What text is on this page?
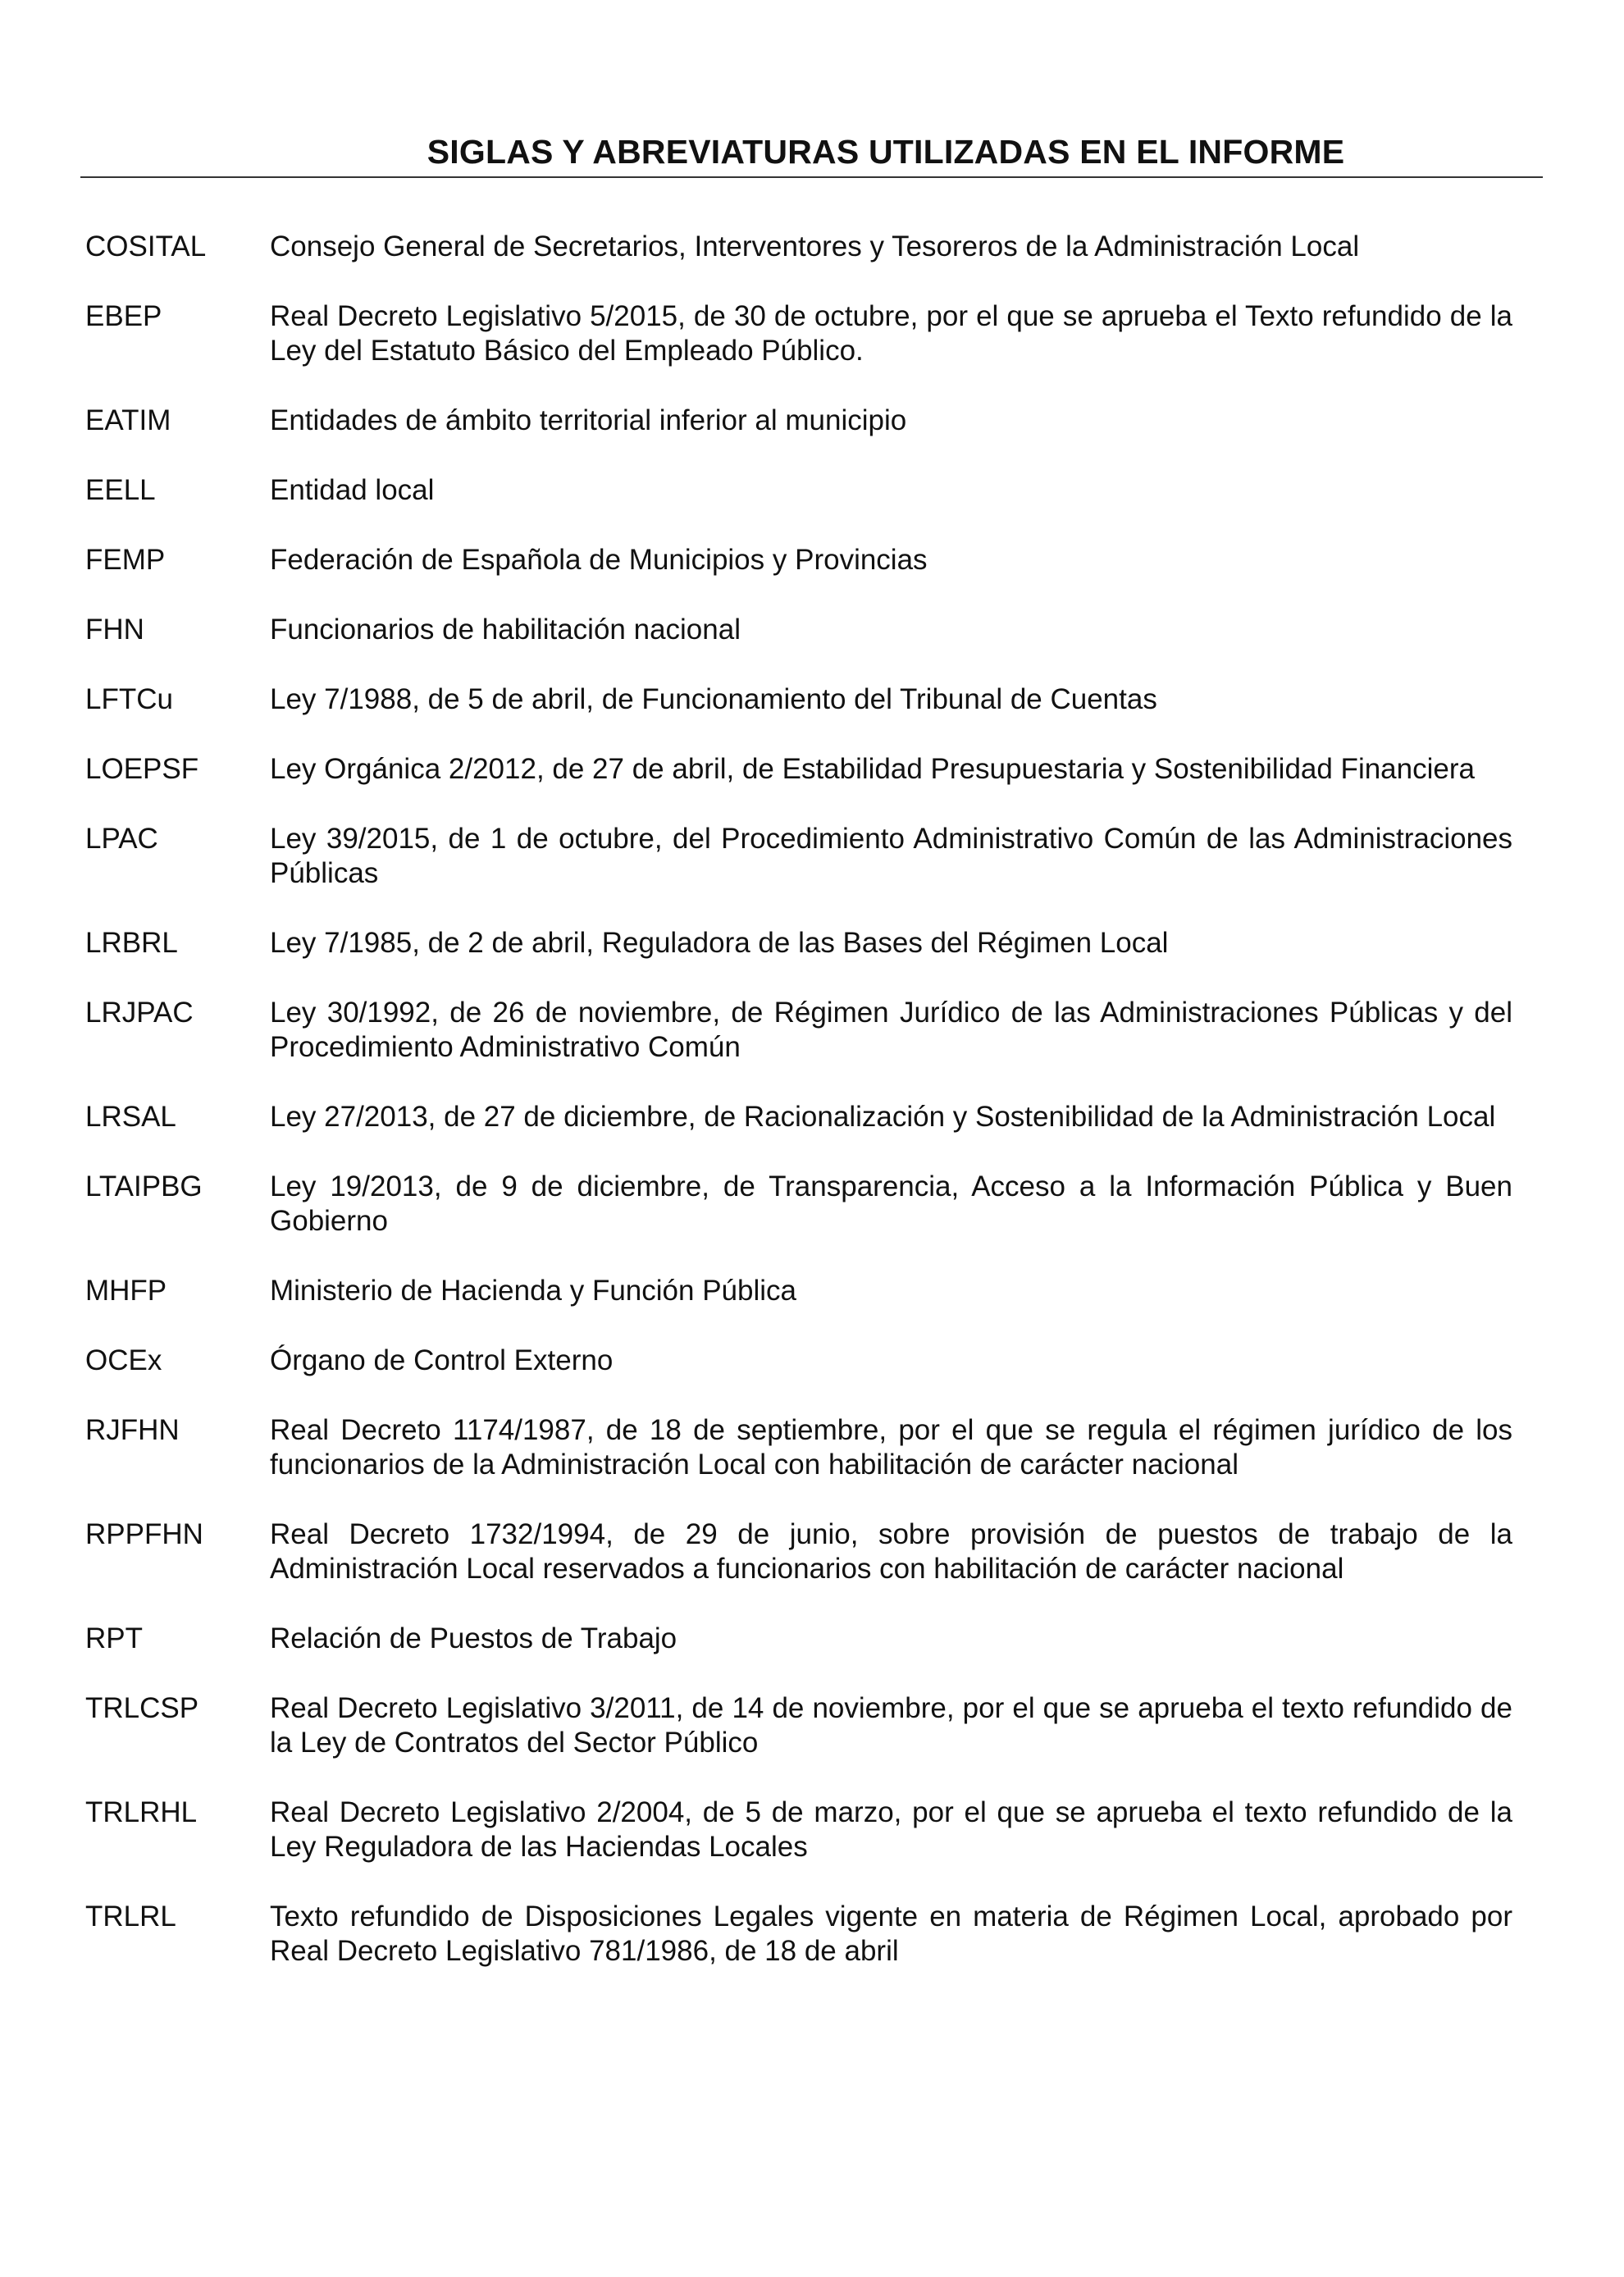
SIGLAS Y ABREVIATURAS UTILIZADAS EN EL INFORME
COSITAL	Consejo General de Secretarios, Interventores y Tesoreros de la Administración Local
EBEP	Real Decreto Legislativo 5/2015, de 30 de octubre, por el que se aprueba el Texto refundido de la Ley del Estatuto Básico del Empleado Público.
EATIM	Entidades de ámbito territorial inferior al municipio
EELL	Entidad local
FEMP	Federación de Española de Municipios y Provincias
FHN	Funcionarios de habilitación nacional
LFTCu	Ley 7/1988, de 5 de abril, de Funcionamiento del Tribunal de Cuentas
LOEPSF	Ley Orgánica 2/2012, de 27 de abril, de Estabilidad Presupuestaria y Sostenibilidad Financiera
LPAC	Ley 39/2015, de 1 de octubre, del Procedimiento Administrativo Común de las Administraciones Públicas
LRBRL	Ley 7/1985, de 2 de abril, Reguladora de las Bases del Régimen Local
LRJPAC	Ley 30/1992, de 26 de noviembre, de Régimen Jurídico de las Administraciones Públicas y del Procedimiento Administrativo Común
LRSAL	Ley 27/2013, de 27 de diciembre, de Racionalización y Sostenibilidad de la Administración Local
LTAIPBG	Ley 19/2013, de 9 de diciembre, de Transparencia, Acceso a la Información Pública y Buen Gobierno
MHFP	Ministerio de Hacienda y Función Pública
OCEx	Órgano de Control Externo
RJFHN	Real Decreto 1174/1987, de 18 de septiembre, por el que se regula el régimen jurídico de los funcionarios de la Administración Local con habilitación de carácter nacional
RPPFHN	Real Decreto 1732/1994, de 29 de junio, sobre provisión de puestos de trabajo de la Administración Local reservados a funcionarios con habilitación de carácter nacional
RPT	Relación de Puestos de Trabajo
TRLCSP	Real Decreto Legislativo 3/2011, de 14 de noviembre, por el que se aprueba el texto refundido de la Ley de Contratos del Sector Público
TRLRHL	Real Decreto Legislativo 2/2004, de 5 de marzo, por el que se aprueba el texto refundido de la Ley Reguladora de las Haciendas Locales
TRLRL	Texto refundido de Disposiciones Legales vigente en materia de Régimen Local, aprobado por Real Decreto Legislativo 781/1986, de 18 de abril
